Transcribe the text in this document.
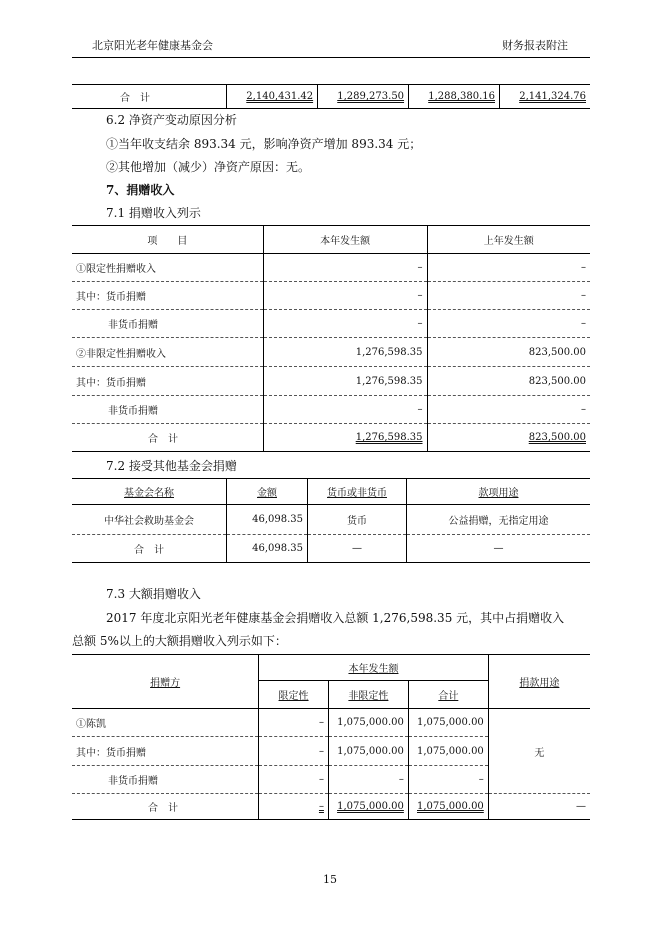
北京阳光老年健康基金会	财务报表附注
合　计	2,140,431.42	1,289,273.50	1,288,380.16	2,141,324.76
6.2 净资产变动原因分析
①当年收支结余 893.34 元，影响净资产增加 893.34 元；
②其他增加（减少）净资产原因：无。
7、捐赠收入
7.1 捐赠收入列示
项　　目	本年发生额	上年发生额
①限定性捐赠收入	–	–
其中：货币捐赠	–	–
非货币捐赠	–	–
②非限定性捐赠收入	1,276,598.35	823,500.00
其中：货币捐赠	1,276,598.35	823,500.00
非货币捐赠	–	–
合　计	1,276,598.35	823,500.00
7.2 接受其他基金会捐赠
基金会名称	金额	货币或非货币	款项用途
中华社会救助基金会	46,098.35	货币	公益捐赠，无指定用途
合　计	46,098.35	—	—
7.3 大额捐赠收入
2017 年度北京阳光老年健康基金会捐赠收入总额 1,276,598.35 元，其中占捐赠收入
总额 5%以上的大额捐赠收入列示如下：
捐赠方	本年发生额			捐款用途
	限定性	非限定性	合计	
①陈凯	–	1,075,000.00	1,075,000.00	无
其中：货币捐赠	–	1,075,000.00	1,075,000.00	
非货币捐赠	–	–	–	
合　计	–	1,075,000.00	1,075,000.00	—
15
